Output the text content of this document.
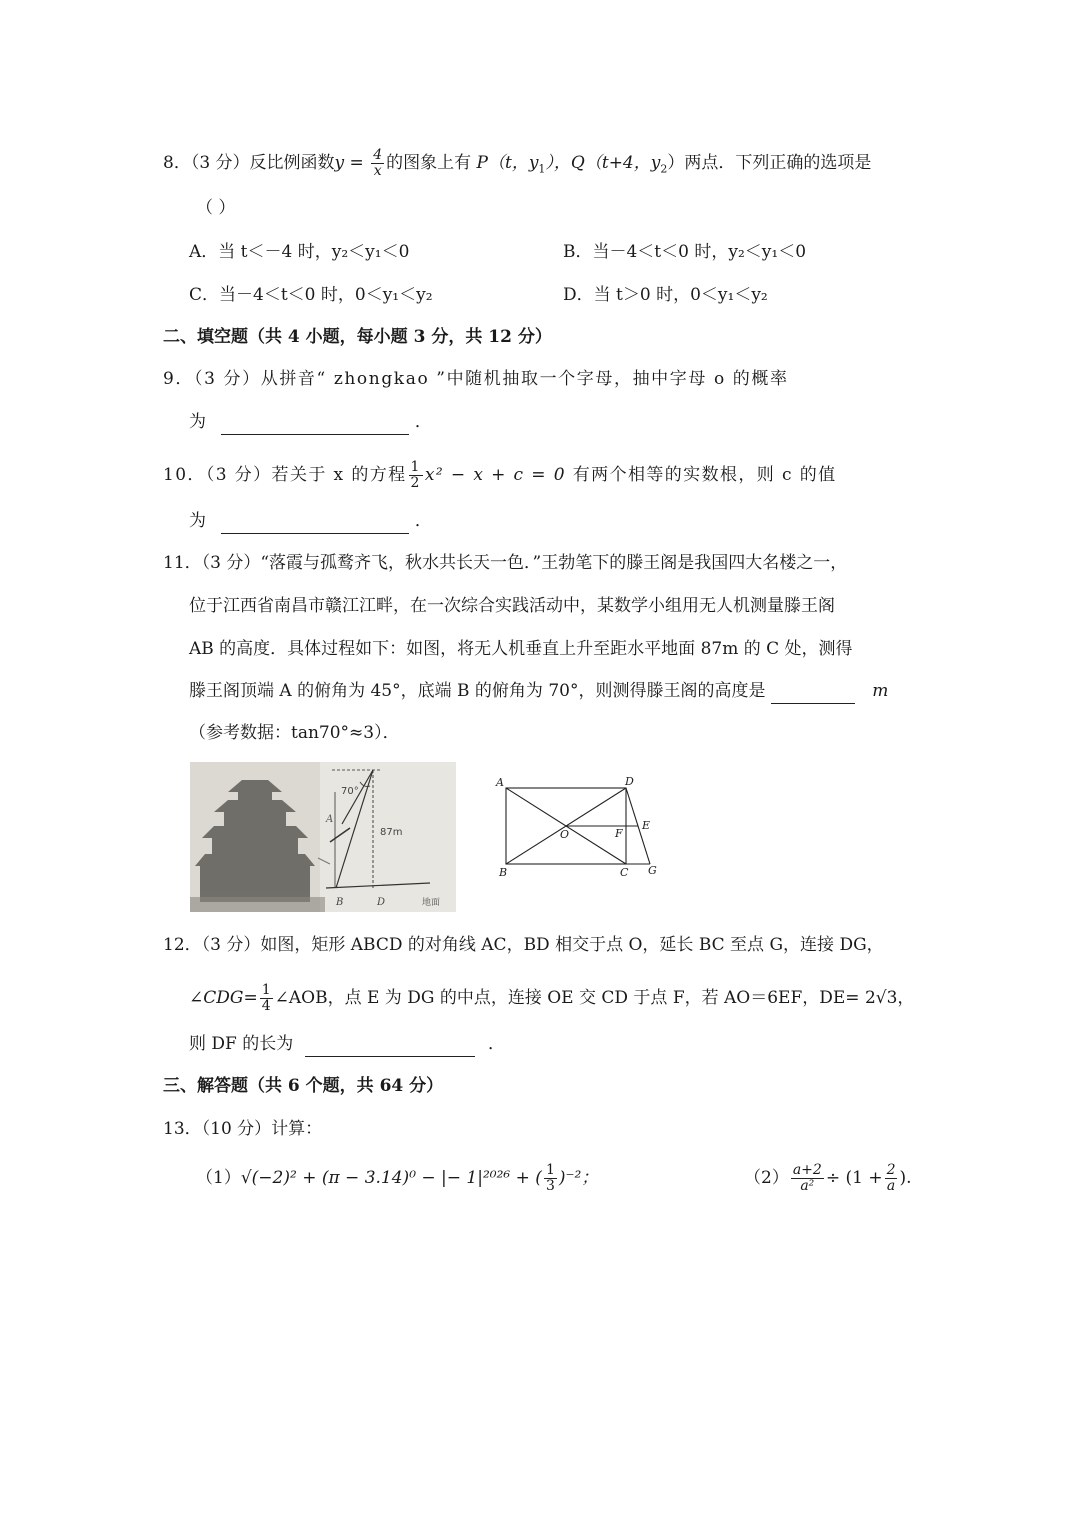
8．（3 分）反比例函数$y = \frac{4}{x}$ 的图象上有 P（t，$y_1$），Q（t+4，$y_2$）两点．下列正确的选项是
（ ）
A．当 t＜－4 时，y₂＜y₁＜0	B．当－4＜t＜0 时，y₂＜y₁＜0
C．当－4＜t＜0 时，0＜y₁＜y₂	D．当 t＞0 时，0＜y₁＜y₂
二、填空题（共 4 小题，每小题 3 分，共 12 分）
9．（3 分）从拼音“ zhongkao ”中随机抽取一个字母，抽中字母 o 的概率
为	．
10．（3 分）若关于 x 的方程 $\frac{1}{2} x^2 - x + c = 0$ 有两个相等的实数根，则 c 的值
为	．
11．（3 分）“落霞与孤鹜齐飞，秋水共长天一色．”王勃笔下的滕王阁是我国四大名楼之一，
位于江西省南昌市赣江江畔，在一次综合实践活动中，某数学小组用无人机测量滕王阁
AB 的高度．具体过程如下：如图，将无人机垂直上升至距水平地面 87m 的 C 处，测得
滕王阁顶端 A 的俯角为 45°，底端 B 的俯角为 70°，则测得滕王阁的高度是	m
（参考数据：tan70°≈3）．
70°
87m
B	D	地面
A
A	D
B	C G
E
F
O
12．（3 分）如图，矩形 ABCD 的对角线 AC，BD 相交于点 O，延长 BC 至点 G，连接 DG，
∠CDG= $\frac{1}{4}$ ∠AOB，点 E 为 DG 的中点，连接 OE 交 CD 于点 F，若 AO＝6EF，DE= 2√3，
则 DF 的长为	．
三、解答题（共 6 个题，共 64 分）
13．（10 分）计算：
（1）√(−2)² + (π − 3.14)⁰ − |− 1|²⁰²⁶ + ( $\frac{1}{3} )^{-2}$；	$(2) \frac{a+2}{\text{a²}} \div (1 + \frac{2}{a}$ ).
